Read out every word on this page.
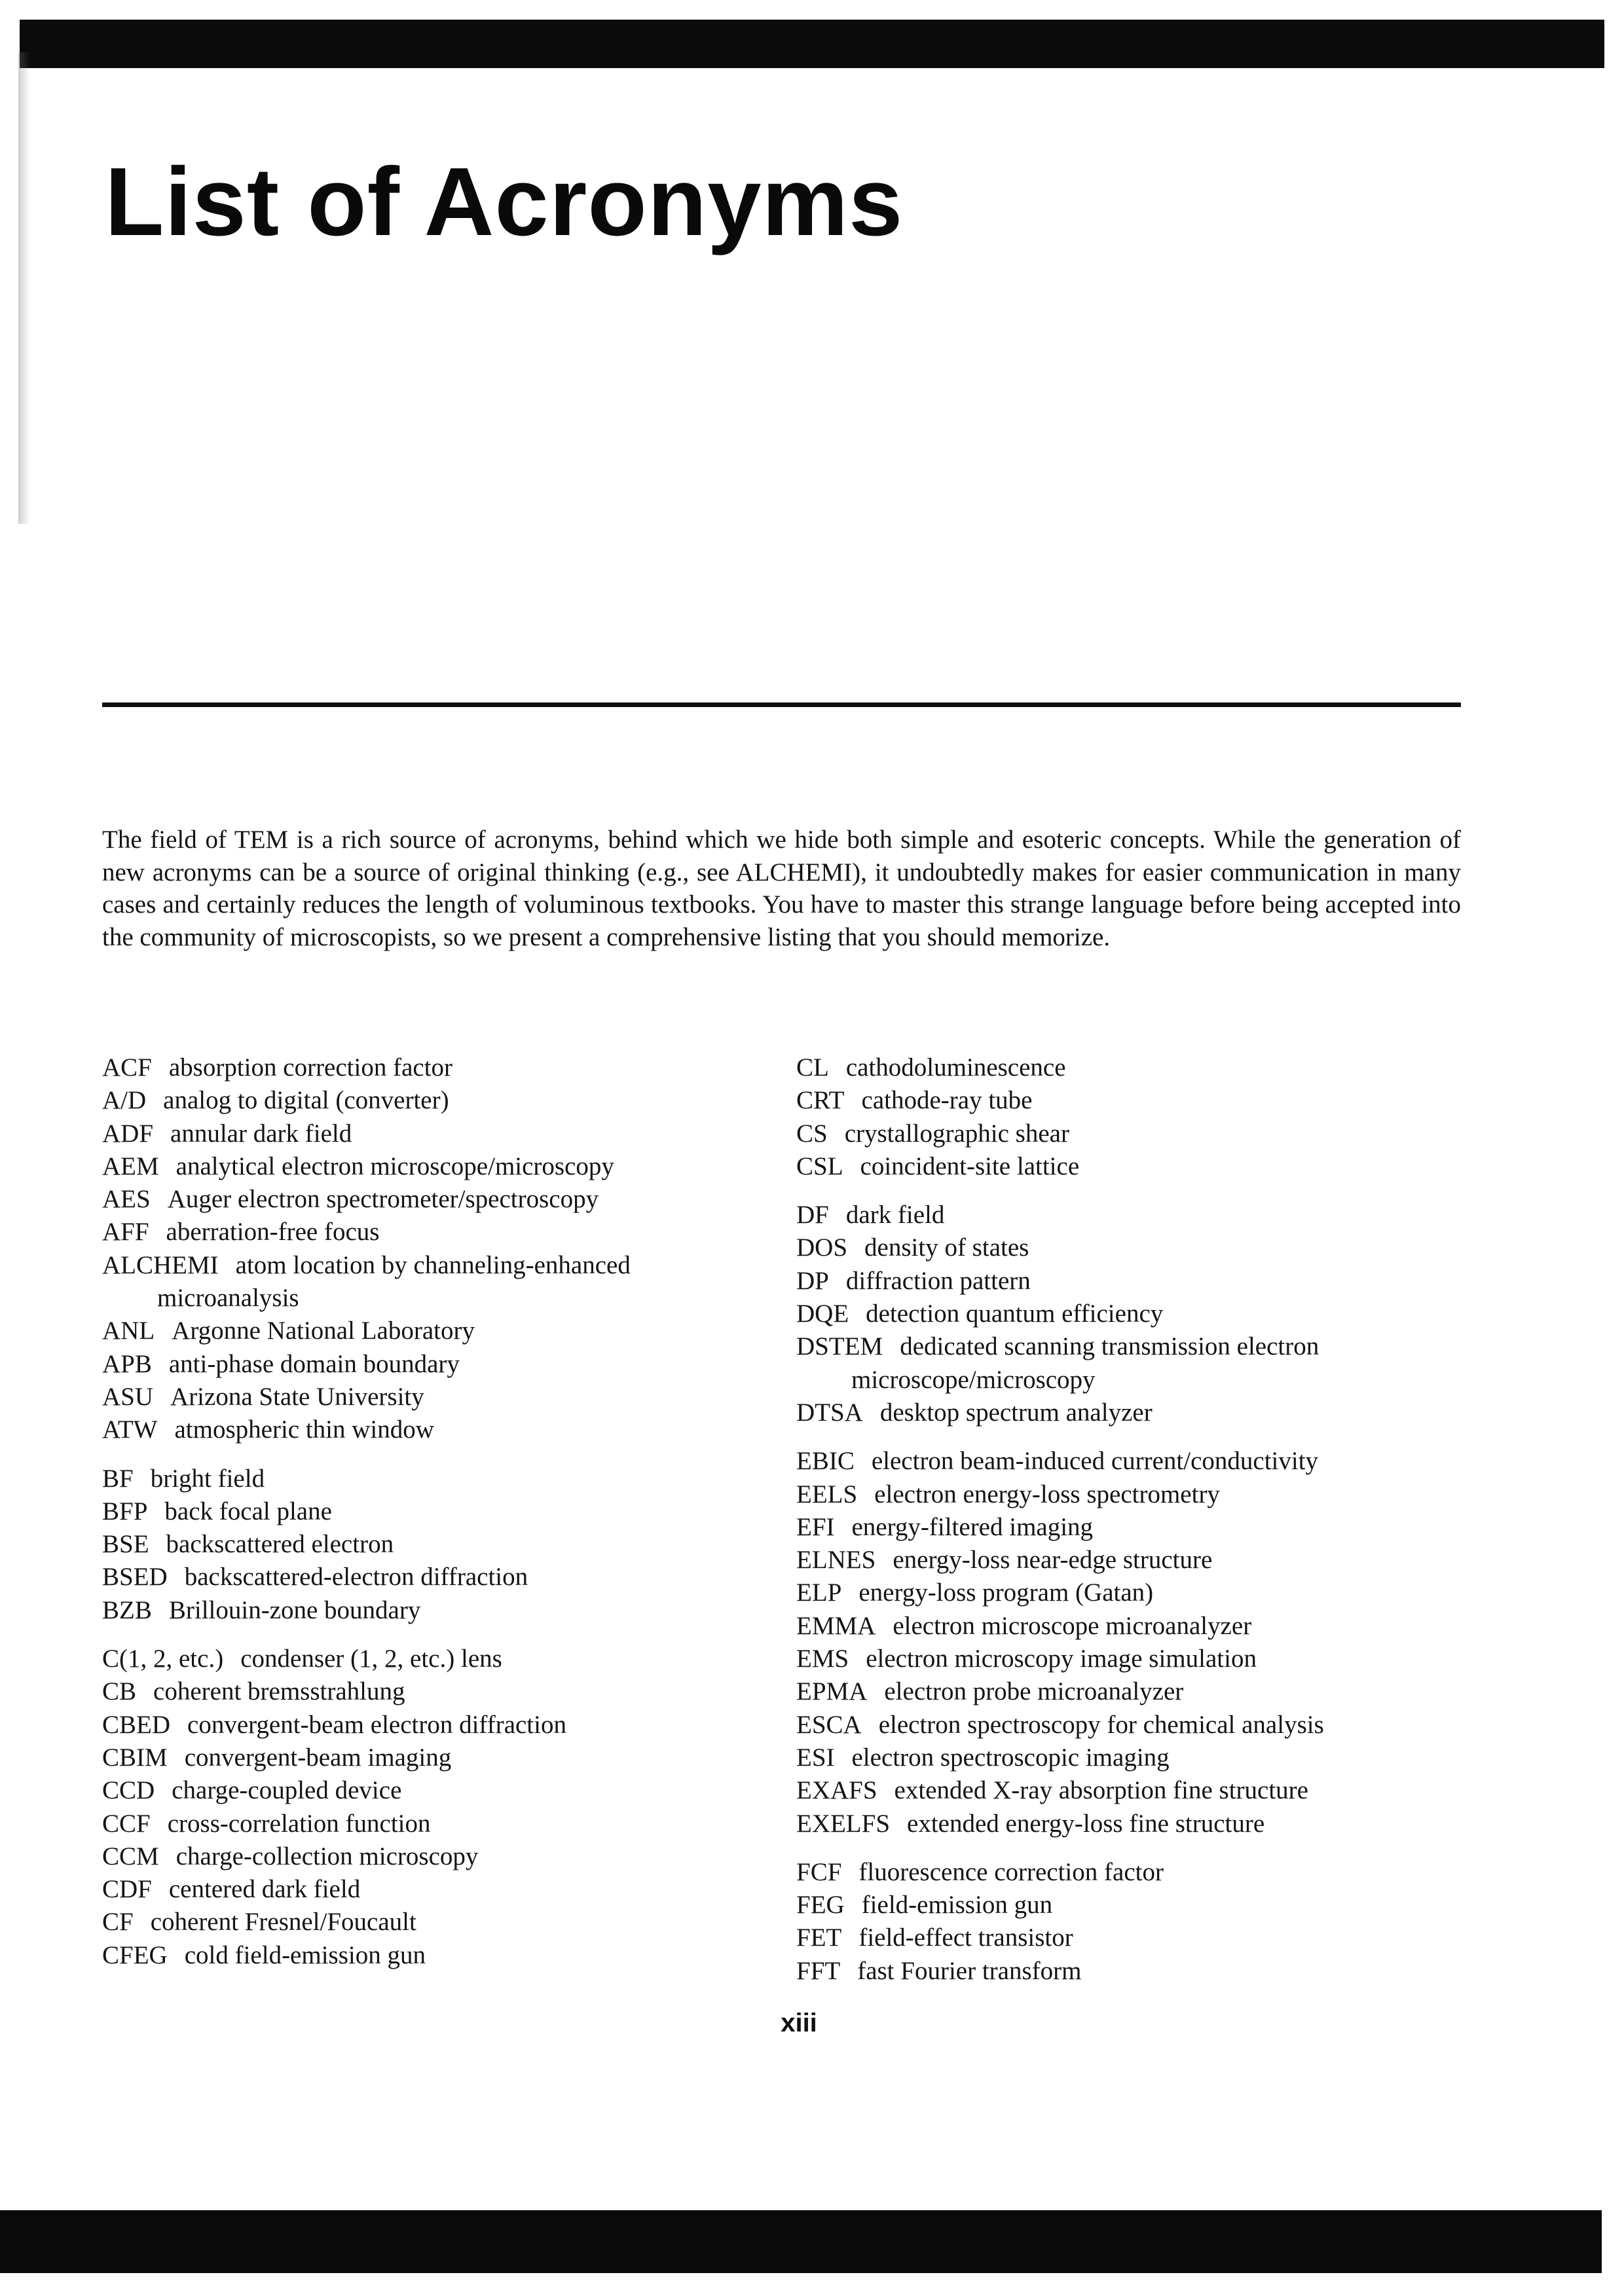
List of Acronyms

The field of TEM is a rich source of acronyms, behind which we hide both simple and esoteric concepts. While the generation of new acronyms can be a source of original thinking (e.g., see ALCHEMI), it undoubtedly makes for easier communication in many cases and certainly reduces the length of voluminous textbooks. You have to master this strange language before being accepted into the community of microscopists, so we present a comprehensive listing that you should memorize.

ACF absorption correction factor
A/D analog to digital (converter)
ADF annular dark field
AEM analytical electron microscope/microscopy
AES Auger electron spectrometer/spectroscopy
AFF aberration-free focus
ALCHEMI atom location by channeling-enhanced microanalysis
ANL Argonne National Laboratory
APB anti-phase domain boundary
ASU Arizona State University
ATW atmospheric thin window
BF bright field
BFP back focal plane
BSE backscattered electron
BSED backscattered-electron diffraction
BZB Brillouin-zone boundary
C(1, 2, etc.) condenser (1, 2, etc.) lens
CB coherent bremsstrahlung
CBED convergent-beam electron diffraction
CBIM convergent-beam imaging
CCD charge-coupled device
CCF cross-correlation function
CCM charge-collection microscopy
CDF centered dark field
CF coherent Fresnel/Foucault
CFEG cold field-emission gun
CL cathodoluminescence
CRT cathode-ray tube
CS crystallographic shear
CSL coincident-site lattice
DF dark field
DOS density of states
DP diffraction pattern
DQE detection quantum efficiency
DSTEM dedicated scanning transmission electron microscope/microscopy
DTSA desktop spectrum analyzer
EBIC electron beam-induced current/conductivity
EELS electron energy-loss spectrometry
EFI energy-filtered imaging
ELNES energy-loss near-edge structure
ELP energy-loss program (Gatan)
EMMA electron microscope microanalyzer
EMS electron microscopy image simulation
EPMA electron probe microanalyzer
ESCA electron spectroscopy for chemical analysis
ESI electron spectroscopic imaging
EXAFS extended X-ray absorption fine structure
EXELFS extended energy-loss fine structure
FCF fluorescence correction factor
FEG field-emission gun
FET field-effect transistor
FFT fast Fourier transform
xiii
